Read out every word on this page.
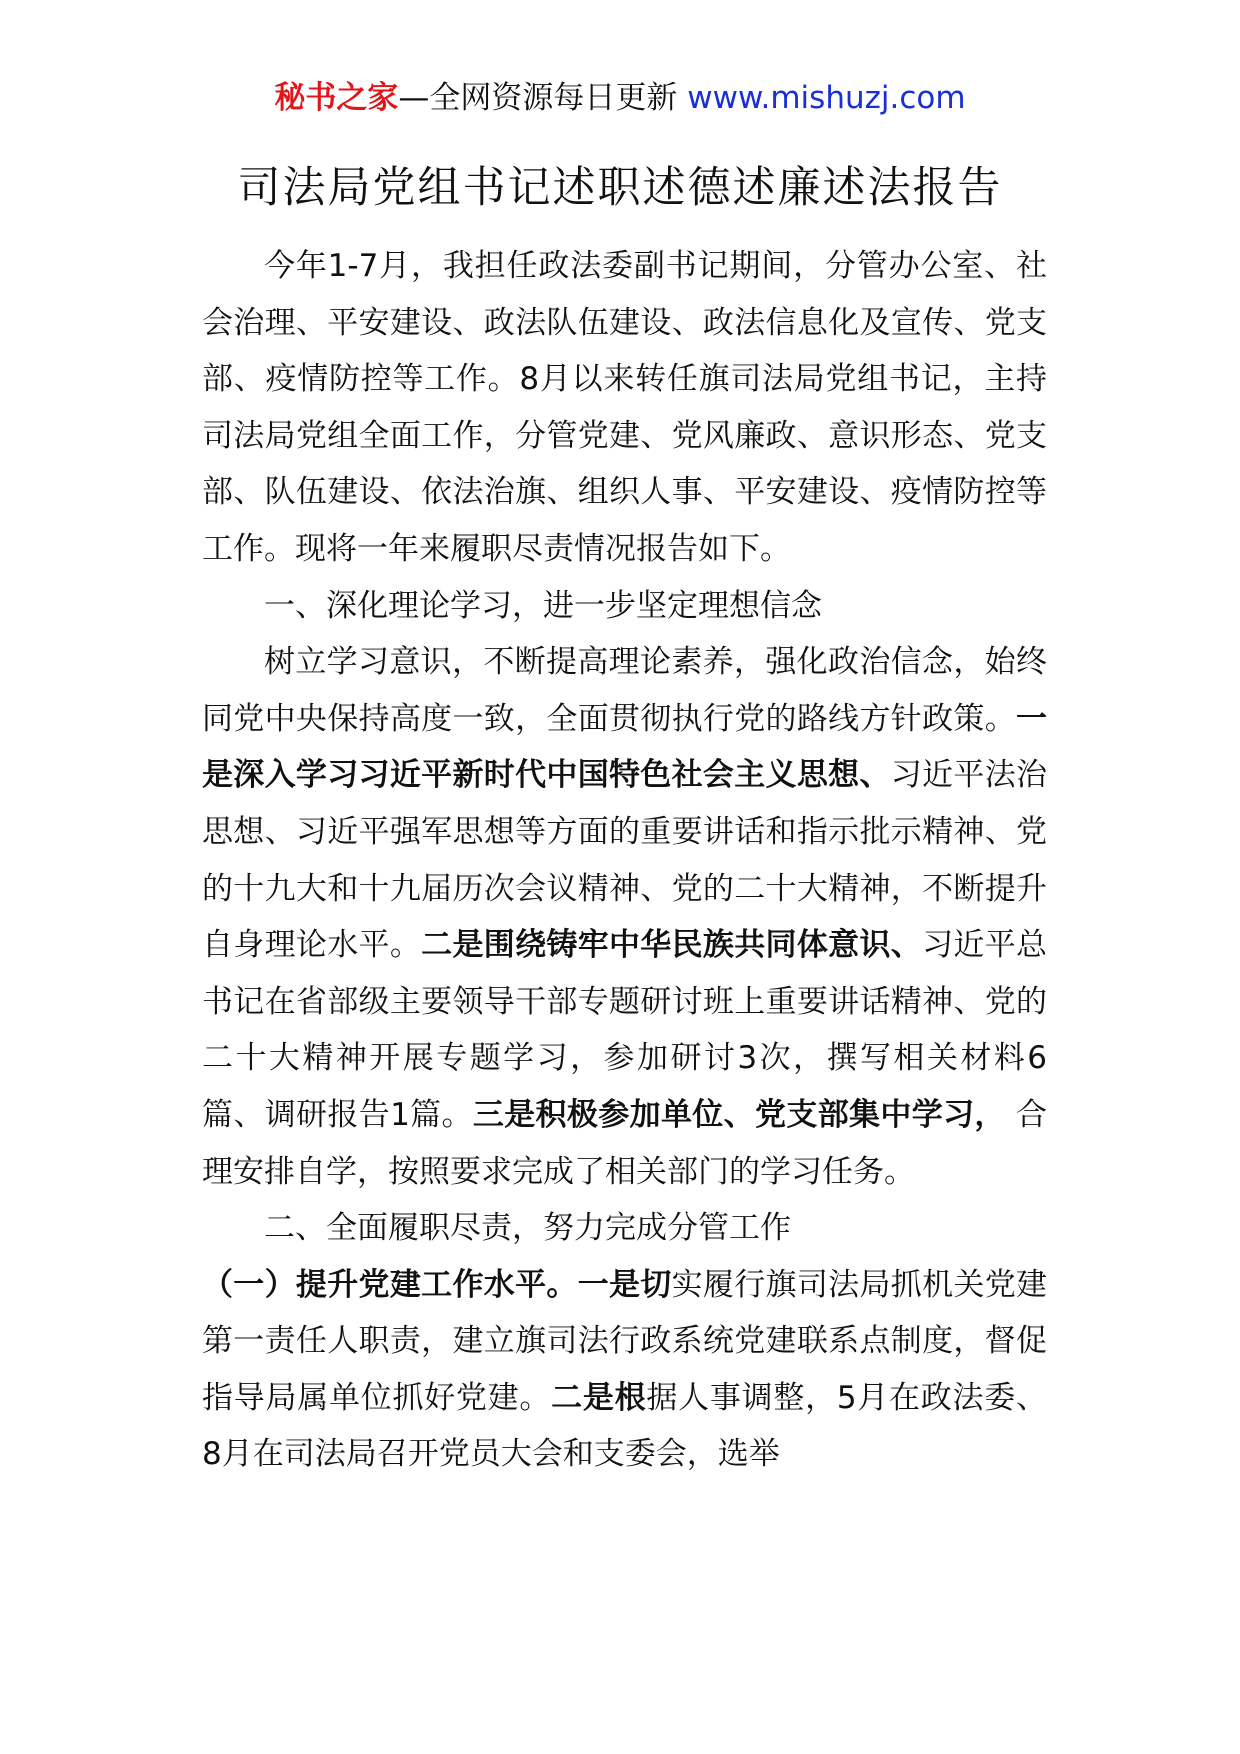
秘书之家—全网资源每日更新 www.mishuzj.com
司法局党组书记述职述德述廉述法报告

今年1-7月，我担任政法委副书记期间，分管办公室、社会治理、平安建设、政法队伍建设、政法信息化及宣传、党支部、疫情防控等工作。8月以来转任旗司法局党组书记，主持司法局党组全面工作，分管党建、党风廉政、意识形态、党支部、队伍建设、依法治旗、组织人事、平安建设、疫情防控等工作。现将一年来履职尽责情况报告如下。

一、深化理论学习，进一步坚定理想信念

树立学习意识，不断提高理论素养，强化政治信念，始终同党中央保持高度一致，全面贯彻执行党的路线方针政策。一是深入学习习近平新时代中国特色社会主义思想、习近平法治思想、习近平强军思想等方面的重要讲话和指示批示精神、党的十九大和十九届历次会议精神、党的二十大精神，不断提升自身理论水平。二是围绕铸牢中华民族共同体意识、习近平总书记在省部级主要领导干部专题研讨班上重要讲话精神、党的二十大精神开展专题学习，参加研讨3次，撰写相关材料6篇、调研报告1篇。三是积极参加单位、党支部集中学习， 合理安排自学，按照要求完成了相关部门的学习任务。

二、全面履职尽责，努力完成分管工作

（一）提升党建工作水平。一是切实履行旗司法局抓机关党建第一责任人职责，建立旗司法行政系统党建联系点制度，督促指导局属单位抓好党建。二是根据人事调整，5月在政法委、8月在司法局召开党员大会和支委会，选举
